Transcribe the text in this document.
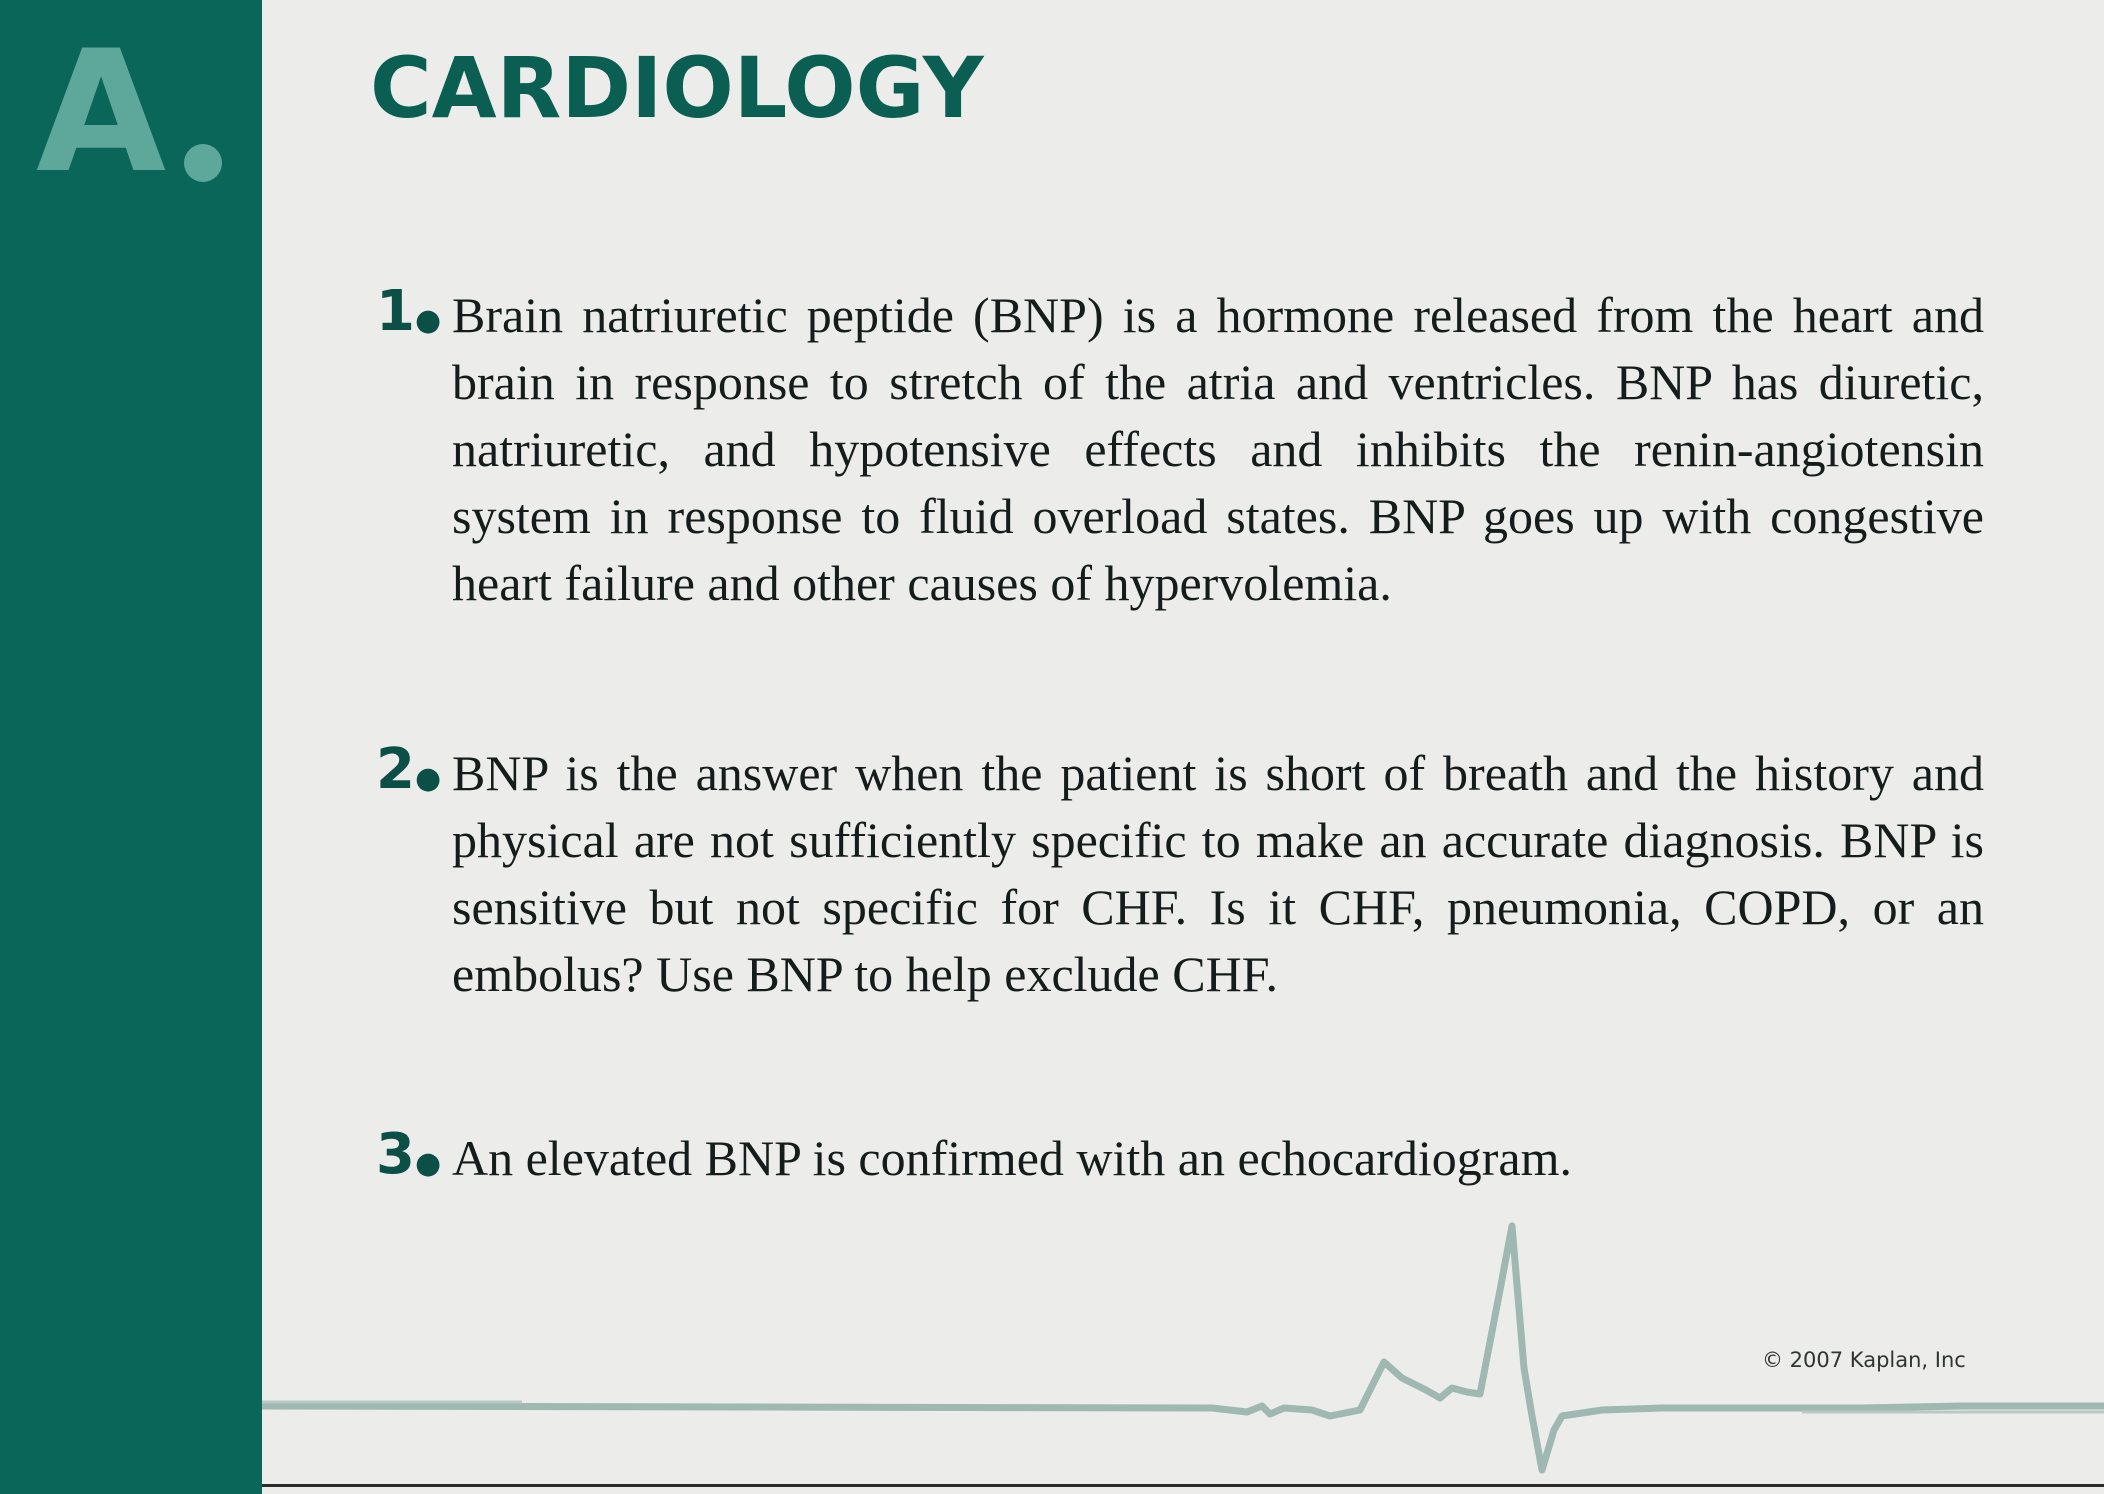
A CARDIOLOGY
1● Brain natriuretic peptide (BNP) is a hormone released from the heart and brain in response to stretch of the atria and ventricles. BNP has diuretic, natriuretic, and hypotensive effects and inhibits the renin-angiotensin system in response to fluid overload states. BNP goes up with congestive heart failure and other causes of hypervolemia.
2● BNP is the answer when the patient is short of breath and the history and physical are not sufficiently specific to make an accurate diagnosis. BNP is sensitive but not specific for CHF. Is it CHF, pneumonia, COPD, or an embolus? Use BNP to help exclude CHF.
3● An elevated BNP is confirmed with an echocardiogram.
© 2007 Kaplan, Inc
